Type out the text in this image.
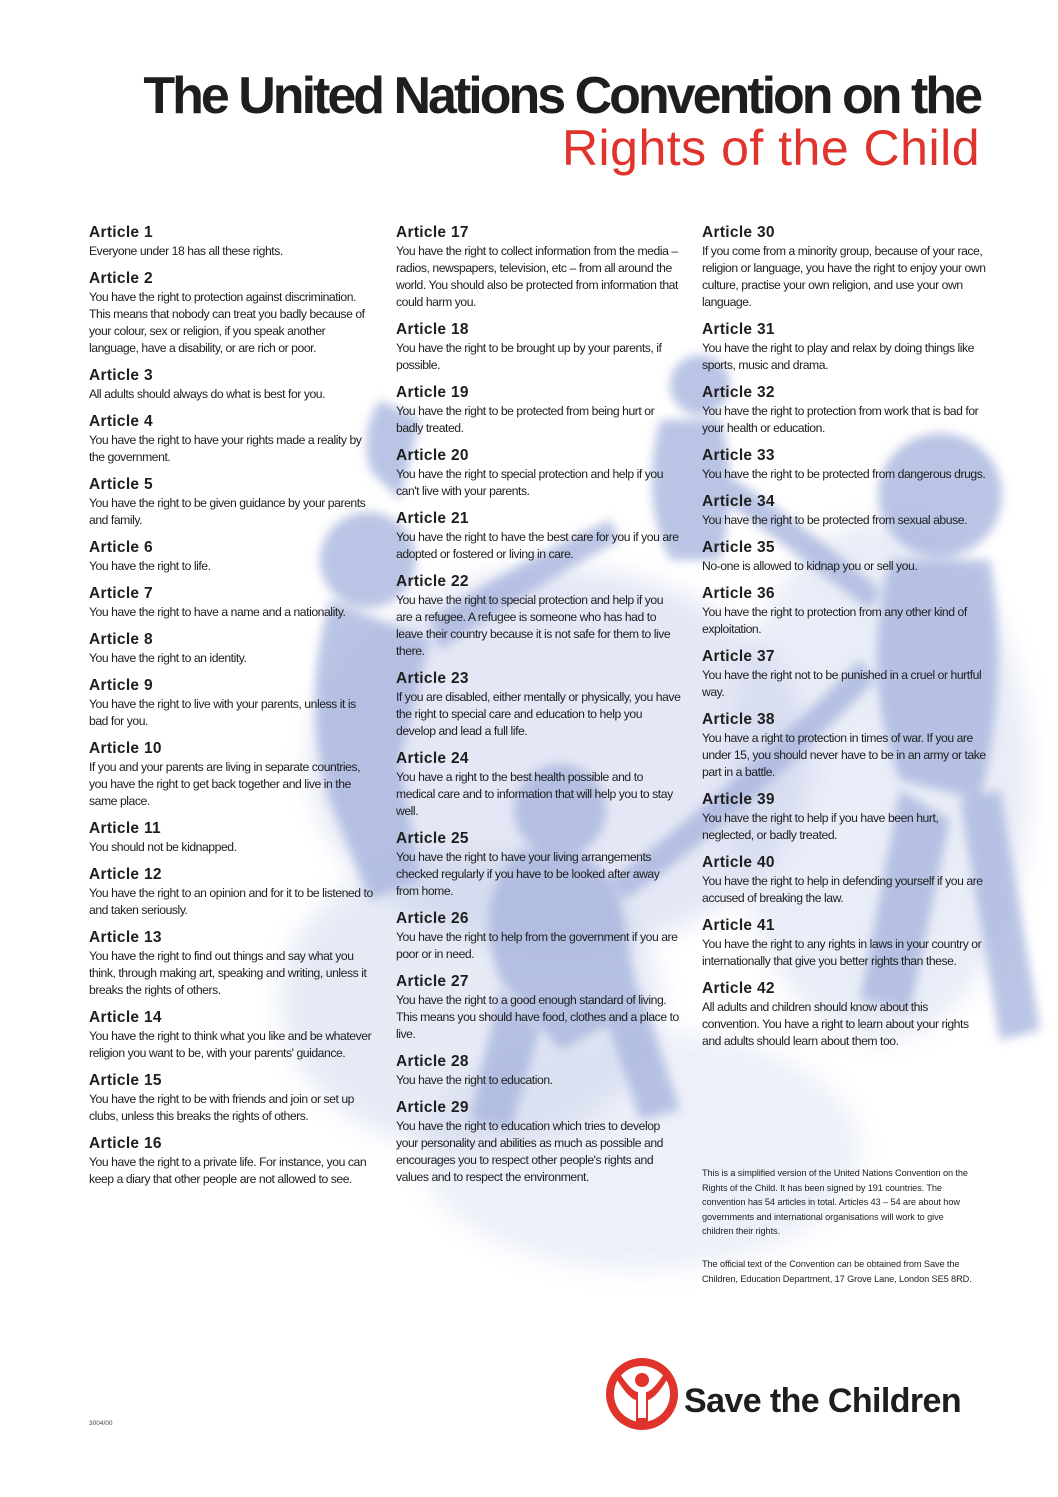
The United Nations Convention on the
Rights of the Child
Article 1
Everyone under 18 has all these rights.
Article 2
You have the right to protection against discrimination. This means that nobody can treat you badly because of your colour, sex or religion, if you speak another language, have a disability, or are rich or poor.
Article 3
All adults should always do what is best for you.
Article 4
You have the right to have your rights made a reality by the government.
Article 5
You have the right to be given guidance by your parents and family.
Article 6
You have the right to life.
Article 7
You have the right to have a name and a nationality.
Article 8
You have the right to an identity.
Article 9
You have the right to live with your parents, unless it is bad for you.
Article 10
If you and your parents are living in separate countries, you have the right to get back together and live in the same place.
Article 11
You should not be kidnapped.
Article 12
You have the right to an opinion and for it to be listened to and taken seriously.
Article 13
You have the right to find out things and say what you think, through making art, speaking and writing, unless it breaks the rights of others.
Article 14
You have the right to think what you like and be whatever religion you want to be, with your parents' guidance.
Article 15
You have the right to be with friends and join or set up clubs, unless this breaks the rights of others.
Article 16
You have the right to a private life. For instance, you can keep a diary that other people are not allowed to see.
Article 17
You have the right to collect information from the media – radios, newspapers, television, etc – from all around the world. You should also be protected from information that could harm you.
Article 18
You have the right to be brought up by your parents, if possible.
Article 19
You have the right to be protected from being hurt or badly treated.
Article 20
You have the right to special protection and help if you can't live with your parents.
Article 21
You have the right to have the best care for you if you are adopted or fostered or living in care.
Article 22
You have the right to special protection and help if you are a refugee. A refugee is someone who has had to leave their country because it is not safe for them to live there.
Article 23
If you are disabled, either mentally or physically, you have the right to special care and education to help you develop and lead a full life.
Article 24
You have a right to the best health possible and to medical care and to information that will help you to stay well.
Article 25
You have the right to have your living arrangements checked regularly if you have to be looked after away from home.
Article 26
You have the right to help from the government if you are poor or in need.
Article 27
You have the right to a good enough standard of living. This means you should have food, clothes and a place to live.
Article 28
You have the right to education.
Article 29
You have the right to education which tries to develop your personality and abilities as much as possible and encourages you to respect other people's rights and values and to respect the environment.
Article 30
If you come from a minority group, because of your race, religion or language, you have the right to enjoy your own culture, practise your own religion, and use your own language.
Article 31
You have the right to play and relax by doing things like sports, music and drama.
Article 32
You have the right to protection from work that is bad for your health or education.
Article 33
You have the right to be protected from dangerous drugs.
Article 34
You have the right to be protected from sexual abuse.
Article 35
No-one is allowed to kidnap you or sell you.
Article 36
You have the right to protection from any other kind of exploitation.
Article 37
You have the right not to be punished in a cruel or hurtful way.
Article 38
You have a right to protection in times of war. If you are under 15, you should never have to be in an army or take part in a battle.
Article 39
You have the right to help if you have been hurt, neglected, or badly treated.
Article 40
You have the right to help in defending yourself if you are accused of breaking the law.
Article 41
You have the right to any rights in laws in your country or internationally that give you better rights than these.
Article 42
All adults and children should know about this convention. You have a right to learn about your rights and adults should learn about them too.

This is a simplified version of the United Nations Convention on the Rights of the Child. It has been signed by 191 countries. The convention has 54 articles in total. Articles 43 – 54 are about how governments and international organisations will work to give children their rights.

The official text of the Convention can be obtained from Save the Children, Education Department, 17 Grove Lane, London SE5 8RD.

3004/00
Save the Children
